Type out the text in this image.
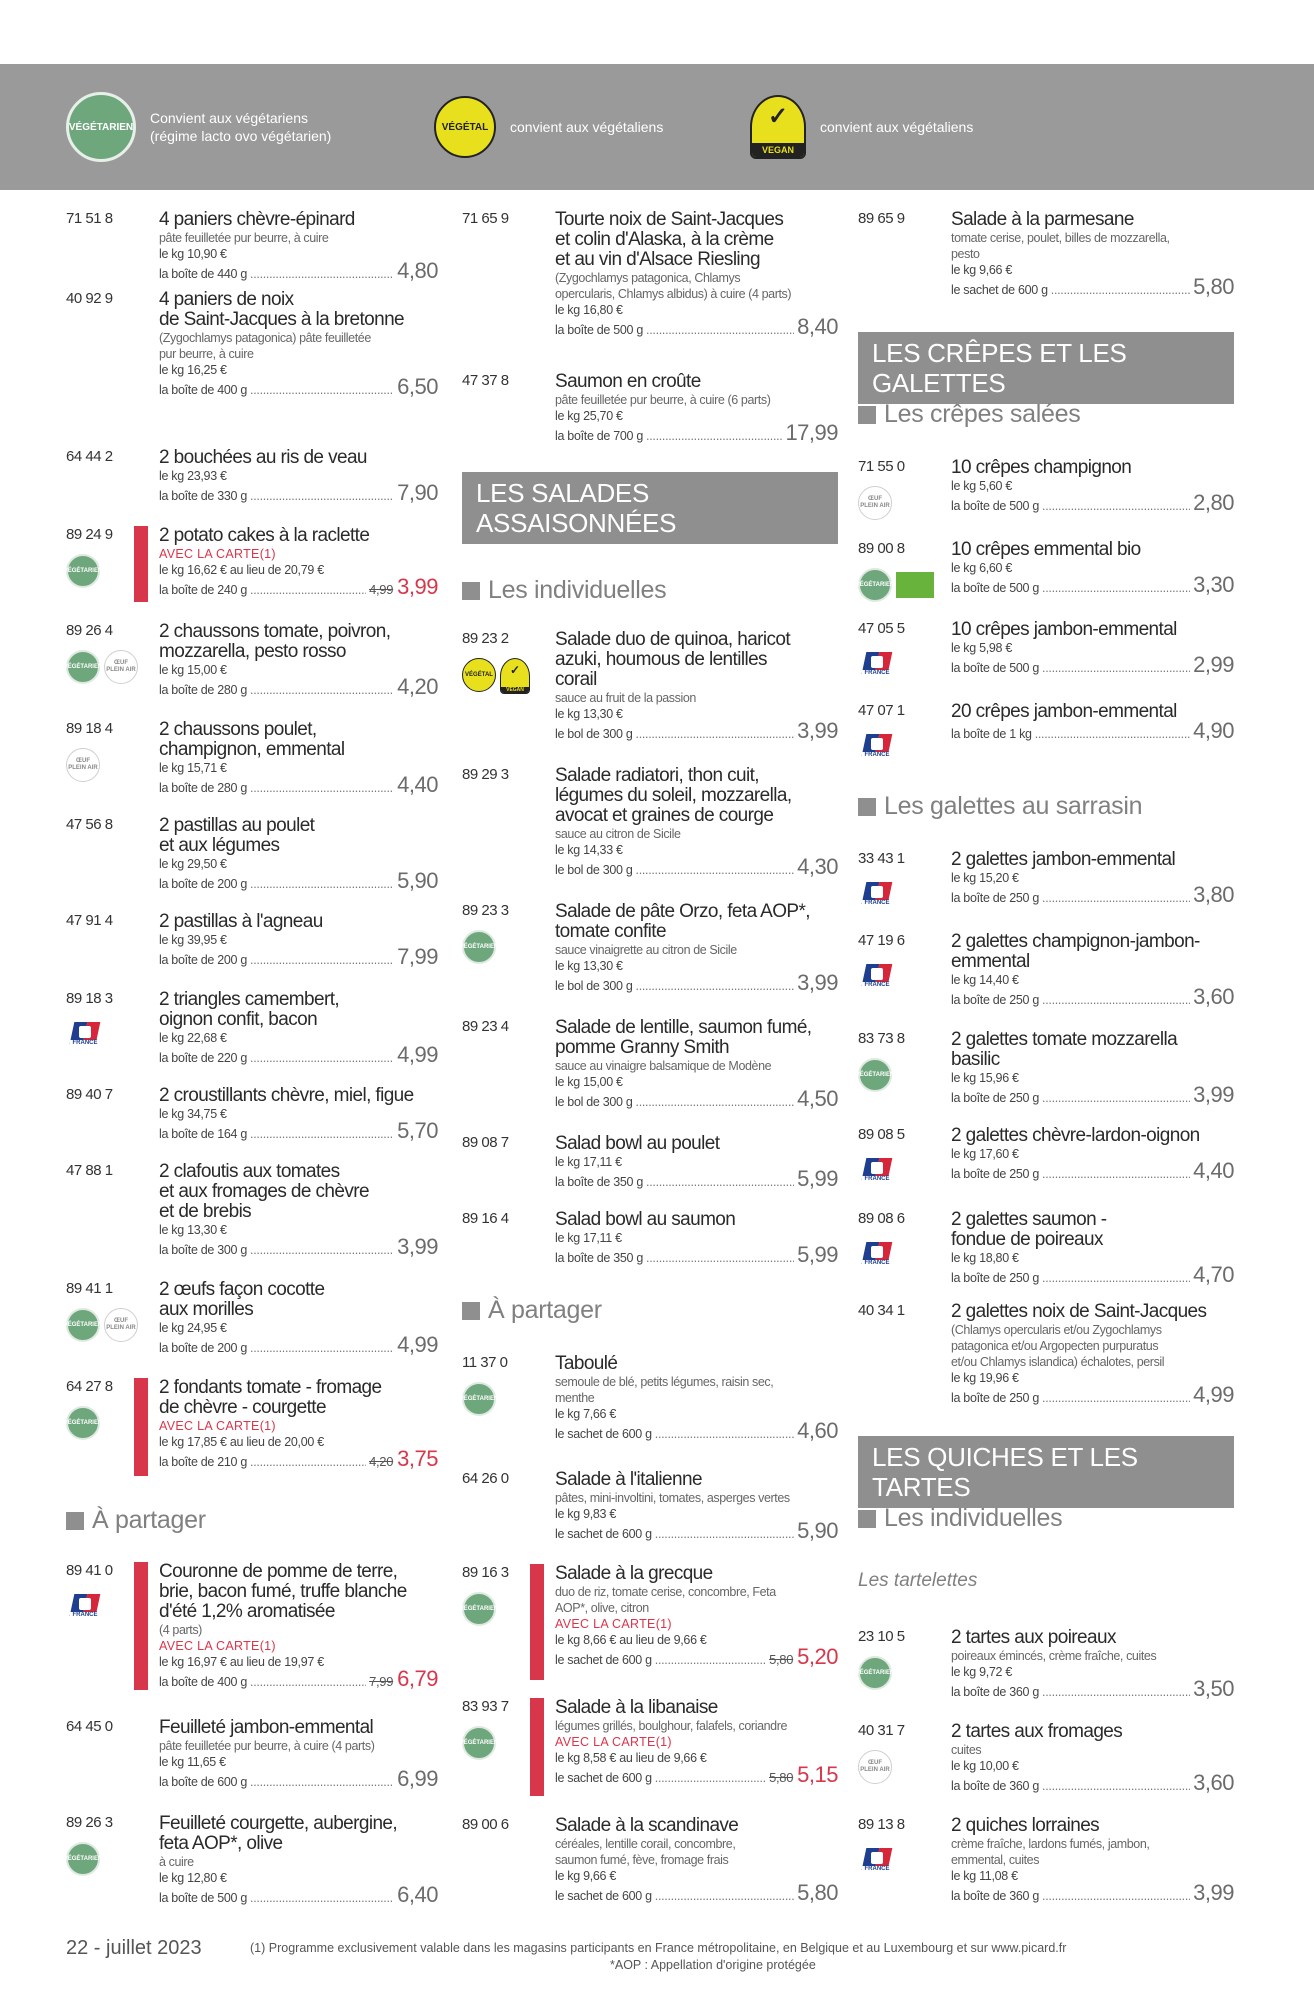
VÉGÉTARIEN
Convient aux végétariens
(régime lacto ovo végétarien)
VÉGÉTAL	convient aux végétaliens	✓
VEGAN
convient aux végétaliens
À partager
71 51 8 4 paniers chèvre-épinard
pâte feuilletée pur beurre, à cuire
le kg 10,90 €
la boîte de 440 g .....	4,80
40 92 9 4 paniers de noix
de Saint-Jacques à la bretonne
(Zygochlamys patagonica) pâte feuilletée
pur beurre, à cuire
le kg 16,25 €
la boîte de 400 g .....	6,50
64 44 2 2 bouchées au ris de veau
le kg 23,93 €
la boîte de 330 g .....	7,90
89 24 9
VÉGÉTARIEN
2 potato cakes à la raclette
AVEC LA CARTE(1)
le kg 16,62 € au lieu de 20,79 €
la boîte de 240 g .....	4,99 3,99
89 26 4
VÉGÉTARIEN
ŒUF PLEIN AIR
2 chaussons tomate, poivron,
mozzarella, pesto rosso
le kg 15,00 €
la boîte de 280 g .....	4,20
89 18 4
ŒUF PLEIN AIR
2 chaussons poulet,
champignon, emmental
le kg 15,71 €
la boîte de 280 g .....	4,40
47 56 8 2 pastillas au poulet
et aux légumes
le kg 29,50 €
la boîte de 200 g .....	5,90
47 91 4 2 pastillas à l'agneau
le kg 39,95 €
la boîte de 200 g .....	7,99
89 18 3
FRANCE
2 triangles camembert,
oignon confit, bacon
le kg 22,68 €
la boîte de 220 g .....	4,99
89 40 7 2 croustillants chèvre, miel, figue
le kg 34,75 €
la boîte de 164 g .....	5,70
47 88 1 2 clafoutis aux tomates
et aux fromages de chèvre
et de brebis
le kg 13,30 €
la boîte de 300 g .....	3,99
89 41 1
VÉGÉTARIEN
ŒUF PLEIN AIR
2 œufs façon cocotte
aux morilles
le kg 24,95 €
la boîte de 200 g .....	4,99
64 27 8
VÉGÉTARIEN
2 fondants tomate - fromage
de chèvre - courgette
AVEC LA CARTE(1)
le kg 17,85 € au lieu de 20,00 €
la boîte de 210 g .....	4,20 3,75
89 41 0
FRANCE
Couronne de pomme de terre,
brie, bacon fumé, truffe blanche
d'été 1,2% aromatisée
(4 parts)
AVEC LA CARTE(1)
le kg 16,97 € au lieu de 19,97 €
la boîte de 400 g .....	7,99 6,79
64 45 0 Feuilleté jambon-emmental
pâte feuilletée pur beurre, à cuire (4 parts)
le kg 11,65 €
la boîte de 600 g .....	6,99
89 26 3
VÉGÉTARIEN
Feuilleté courgette, aubergine,
feta AOP*, olive
à cuire
le kg 12,80 €
la boîte de 500 g .....	6,40
LES SALADES
ASSAISONNÉES
Les individuelles
À partager
71 65 9 Tourte noix de Saint-Jacques
et colin d'Alaska, à la crème
et au vin d'Alsace Riesling
(Zygochlamys patagonica, Chlamys
opercularis, Chlamys albidus) à cuire (4 parts)
le kg 16,80 €
la boîte de 500 g .....	8,40
47 37 8 Saumon en croûte
pâte feuilletée pur beurre, à cuire (6 parts)
le kg 25,70 €
la boîte de 700 g .....	17,99
89 23 2
VÉGÉTAL ✓
VEGAN
Salade duo de quinoa, haricot
azuki, houmous de lentilles
corail
sauce au fruit de la passion
le kg 13,30 €
le bol de 300 g .....	3,99
89 29 3 Salade radiatori, thon cuit,
légumes du soleil, mozzarella,
avocat et graines de courge
sauce au citron de Sicile
le kg 14,33 €
le bol de 300 g .....	4,30
89 23 3
VÉGÉTARIEN
Salade de pâte Orzo, feta AOP*,
tomate confite
sauce vinaigrette au citron de Sicile
le kg 13,30 €
le bol de 300 g .....	3,99
89 23 4 Salade de lentille, saumon fumé,
pomme Granny Smith
sauce au vinaigre balsamique de Modène
le kg 15,00 €
le bol de 300 g .....	4,50
89 08 7 Salad bowl au poulet
le kg 17,11 €
la boîte de 350 g .....	5,99
89 16 4 Salad bowl au saumon
le kg 17,11 €
la boîte de 350 g .....	5,99
11 37 0
VÉGÉTARIEN
Taboulé
semoule de blé, petits légumes, raisin sec,
menthe
le kg 7,66 €
le sachet de 600 g .....	4,60
64 26 0 Salade à l'italienne
pâtes, mini-involtini, tomates, asperges vertes
le kg 9,83 €
le sachet de 600 g .....	5,90
89 16 3
VÉGÉTARIEN
Salade à la grecque
duo de riz, tomate cerise, concombre, Feta
AOP*, olive, citron
AVEC LA CARTE(1)
le kg 8,66 € au lieu de 9,66 €
le sachet de 600 g .....	5,80 5,20
83 93 7
VÉGÉTARIEN
Salade à la libanaise
légumes grillés, boulghour, falafels, coriandre
AVEC LA CARTE(1)
le kg 8,58 € au lieu de 9,66 €
le sachet de 600 g .....	5,80 5,15
89 00 6 Salade à la scandinave
céréales, lentille corail, concombre,
saumon fumé, fève, fromage frais
le kg 9,66 €
le sachet de 600 g .....	5,80
LES CRÊPES ET LES GALETTES
Les crêpes salées
Les galettes au sarrasin
LES QUICHES ET LES TARTES
Les individuelles
Les tartelettes
89 65 9 Salade à la parmesane
tomate cerise, poulet, billes de mozzarella,
pesto
le kg 9,66 €
le sachet de 600 g .....	5,80
71 55 0
ŒUF PLEIN AIR
10 crêpes champignon
le kg 5,60 €
la boîte de 500 g .....	2,80
89 00 8
VÉGÉTARIEN
10 crêpes emmental bio
le kg 6,60 €
la boîte de 500 g .....	3,30
47 05 5
FRANCE
10 crêpes jambon-emmental
le kg 5,98 €
la boîte de 500 g .....	2,99
47 07 1
FRANCE
20 crêpes jambon-emmental
la boîte de 1 kg .....	4,90
33 43 1
FRANCE
2 galettes jambon-emmental
le kg 15,20 €
la boîte de 250 g .....	3,80
47 19 6
FRANCE
2 galettes champignon-jambon-
emmental
le kg 14,40 €
la boîte de 250 g .....	3,60
83 73 8
VÉGÉTARIEN
2 galettes tomate mozzarella
basilic
le kg 15,96 €
la boîte de 250 g .....	3,99
89 08 5
FRANCE
2 galettes chèvre-lardon-oignon
le kg 17,60 €
la boîte de 250 g .....	4,40
89 08 6
FRANCE
2 galettes saumon -
fondue de poireaux
le kg 18,80 €
la boîte de 250 g .....	4,70
40 34 1 2 galettes noix de Saint-Jacques
(Chlamys opercularis et/ou Zygochlamys
patagonica et/ou Argopecten purpuratus
et/ou Chlamys islandica) échalotes, persil
le kg 19,96 €
la boîte de 250 g .....	4,99
23 10 5
VÉGÉTARIEN
2 tartes aux poireaux
poireaux émincés, crème fraîche, cuites
le kg 9,72 €
la boîte de 360 g .....	3,50
40 31 7
ŒUF PLEIN AIR
2 tartes aux fromages
cuites
le kg 10,00 €
la boîte de 360 g .....	3,60
89 13 8
FRANCE
2 quiches lorraines
crème fraîche, lardons fumés, jambon,
emmental, cuites
le kg 11,08 €
la boîte de 360 g .....	3,99
22 - juillet 2023	(1) Programme exclusivement valable dans les magasins participants en France métropolitaine, en Belgique et au Luxembourg et sur www.picard.fr
*AOP : Appellation d'origine protégée
